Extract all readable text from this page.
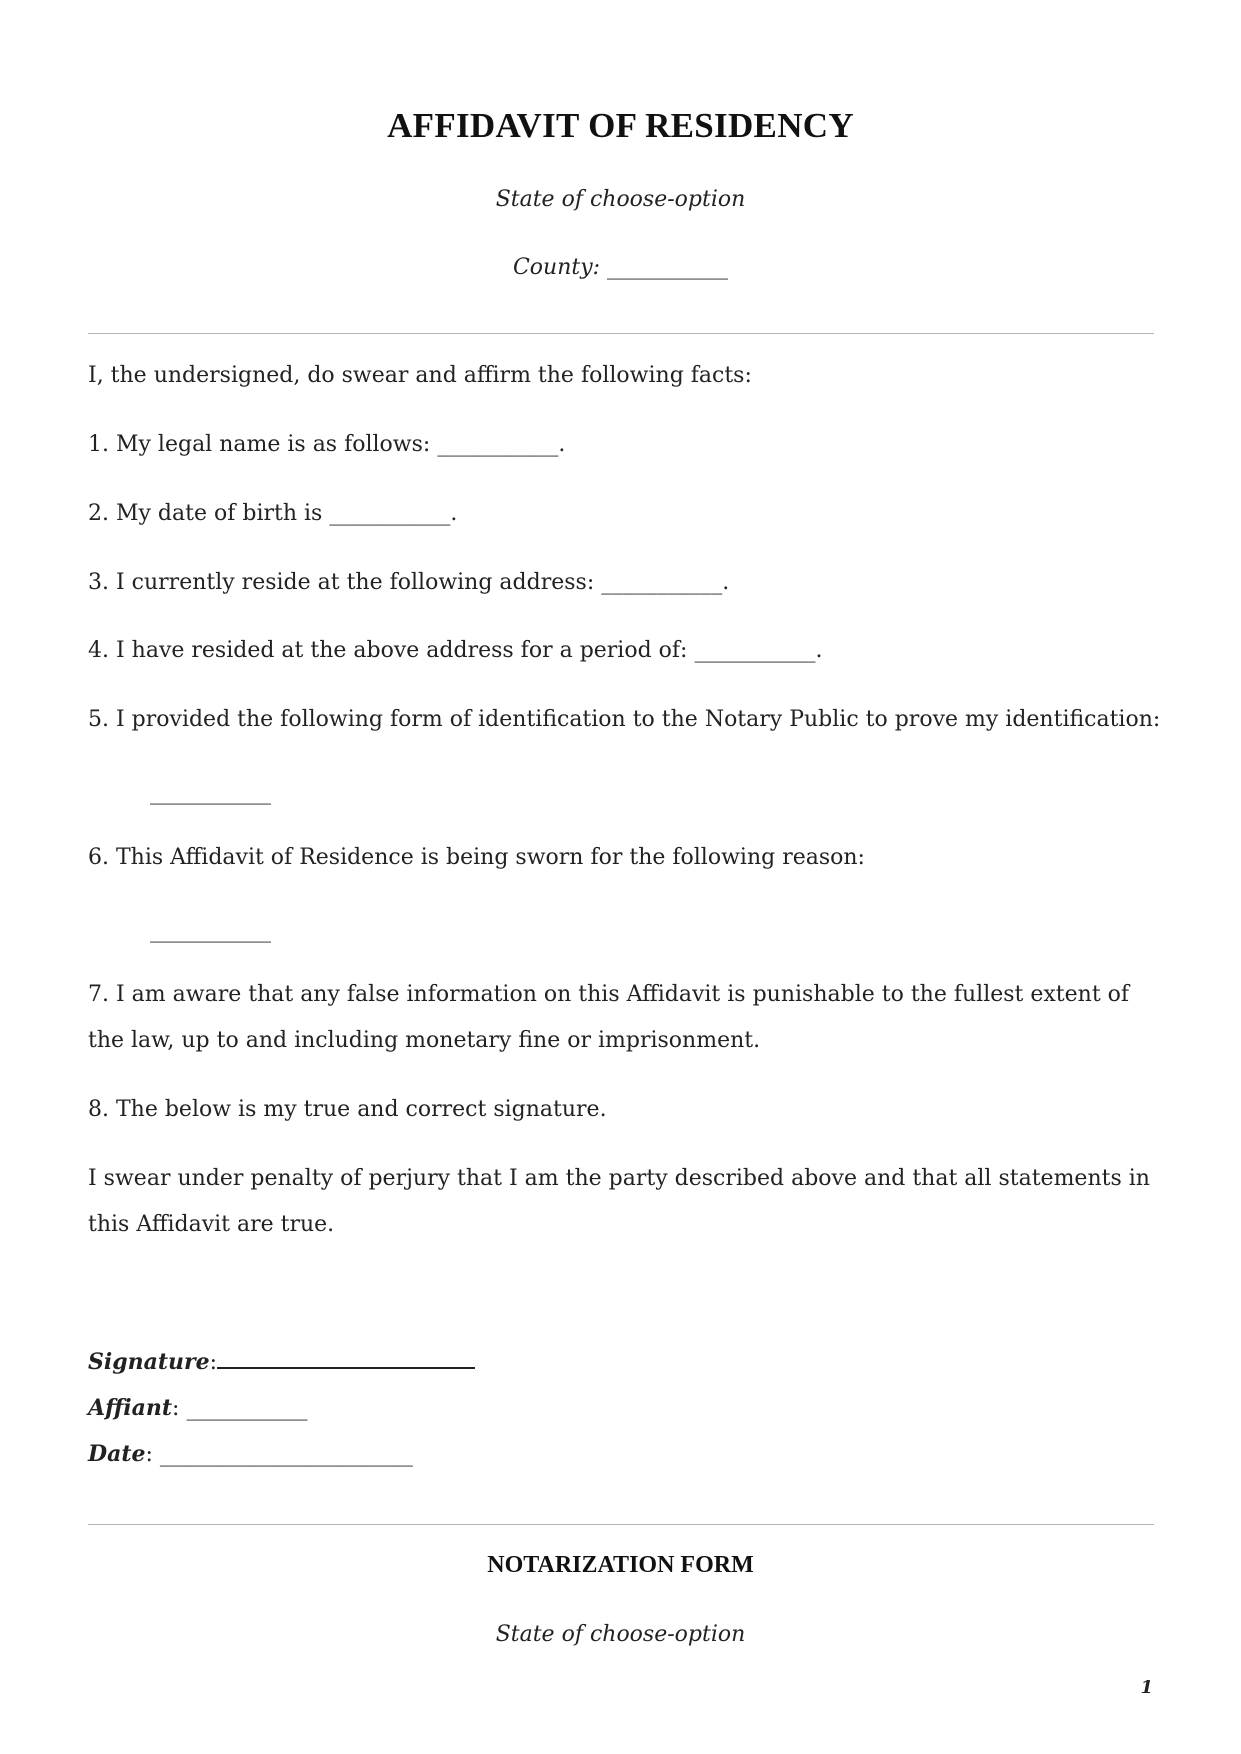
AFFIDAVIT OF RESIDENCY
State of choose-option
County: ___________
I, the undersigned, do swear and affirm the following facts:
1. My legal name is as follows: ___________.
2. My date of birth is ___________.
3. I currently reside at the following address: ___________.
4. I have resided at the above address for a period of: ___________.
5. I provided the following form of identification to the Notary Public to prove my identification:
___________
6. This Affidavit of Residence is being sworn for the following reason:
___________
7. I am aware that any false information on this Affidavit is punishable to the fullest extent of the law, up to and including monetary fine or imprisonment.
8. The below is my true and correct signature.
I swear under penalty of perjury that I am the party described above and that all statements in this Affidavit are true.
Signature:
Affiant: ___________
Date: _______________________
NOTARIZATION FORM
State of choose-option
1
